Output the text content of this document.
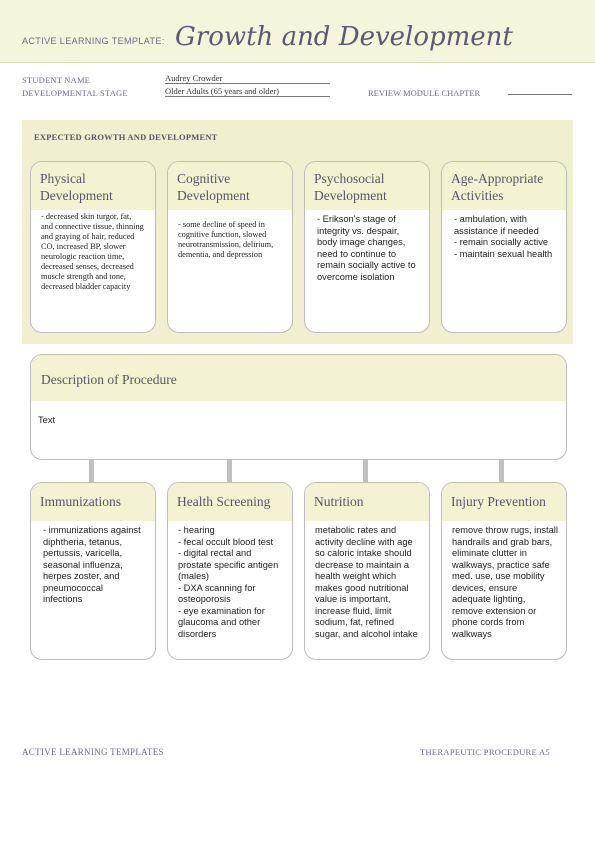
ACTIVE LEARNING TEMPLATE: Growth and Development
STUDENT NAME	Audrey Crowder
DEVELOPMENTAL STAGE	Older Adults (65 years and older)	REVIEW MODULE CHAPTER
EXPECTED GROWTH AND DEVELOPMENT
Physical Development
- decreased skin turgor, fat, and connective tissue, thinning and graying of hair, reduced CO, increased BP, slower neurologic reaction time, decreased senses, decreased muscle strength and tone, decreased bladder capacity
Cognitive Development
- some decline of speed in cognitive function, slowed neurotransmission, delirium, dementia, and depression
Psychosocial Development
- Erikson's stage of integrity vs. despair, body image changes, need to continue to remain socially active to overcome isolation
Age-Appropriate Activities
- ambulation, with assistance if needed
- remain socially active
- maintain sexual health
Description of Procedure
Text
Immunizations
- immunizations against diphtheria, tetanus, pertussis, varicella, seasonal influenza, herpes zoster, and pneumococcal infections
Health Screening
- hearing
- fecal occult blood test
- digital rectal and prostate specific antigen (males)
- DXA scanning for osteoporosis
- eye examination for glaucoma and other disorders
Nutrition
metabolic rates and activity decline with age so caloric intake should decrease to maintain a health weight which makes good nutritional value is important, increase fluid, limit sodium, fat, refined sugar, and alcohol intake
Injury Prevention
remove throw rugs, install handrails and grab bars, eliminate clutter in walkways, practice safe med. use, use mobility devices, ensure adequate lighting, remove extension or phone cords from walkways
ACTIVE LEARNING TEMPLATES	THERAPEUTIC PROCEDURE A5
